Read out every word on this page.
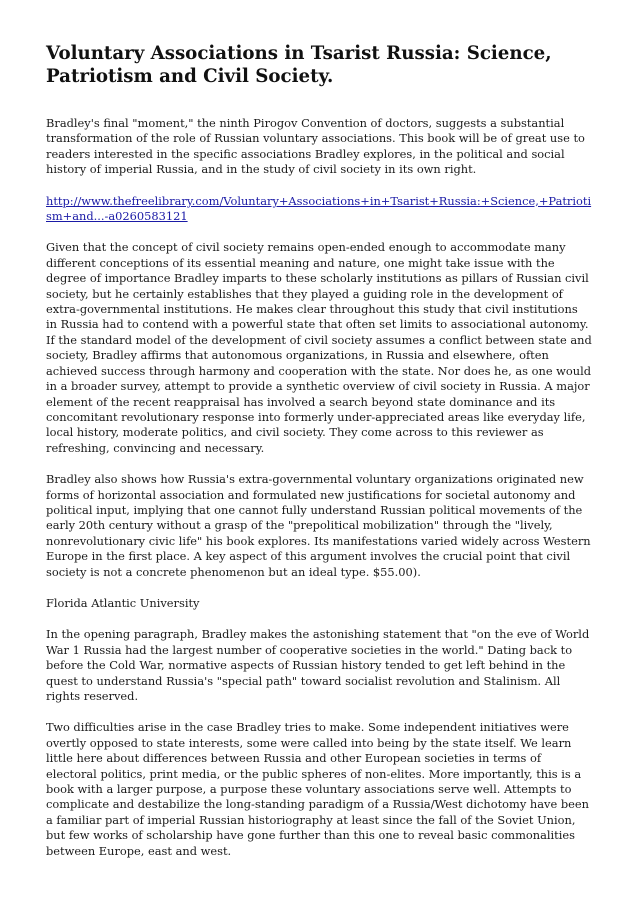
Voluntary Associations in Tsarist Russia: Science, Patriotism and Civil Society.

Bradley's final "moment," the ninth Pirogov Convention of doctors, suggests a substantial transformation of the role of Russian voluntary associations. This book will be of great use to readers interested in the specific associations Bradley explores, in the political and social history of imperial Russia, and in the study of civil society in its own right.

http://www.thefreelibrary.com/Voluntary+Associations+in+Tsarist+Russia:+Science,+Patriotism+and...-a0260583121

Given that the concept of civil society remains open-ended enough to accommodate many different conceptions of its essential meaning and nature, one might take issue with the degree of importance Bradley imparts to these scholarly institutions as pillars of Russian civil society, but he certainly establishes that they played a guiding role in the development of extra-governmental institutions. He makes clear throughout this study that civil institutions in Russia had to contend with a powerful state that often set limits to associational autonomy. If the standard model of the development of civil society assumes a conflict between state and society, Bradley affirms that autonomous organizations, in Russia and elsewhere, often achieved success through harmony and cooperation with the state. Nor does he, as one would in a broader survey, attempt to provide a synthetic overview of civil society in Russia. A major element of the recent reappraisal has involved a search beyond state dominance and its concomitant revolutionary response into formerly under-appreciated areas like everyday life, local history, moderate politics, and civil society. They come across to this reviewer as refreshing, convincing and necessary.

Bradley also shows how Russia's extra-governmental voluntary organizations originated new forms of horizontal association and formulated new justifications for societal autonomy and political input, implying that one cannot fully understand Russian political movements of the early 20th century without a grasp of the "prepolitical mobilization" through the "lively, nonrevolutionary civic life" his book explores. Its manifestations varied widely across Western Europe in the first place. A key aspect of this argument involves the crucial point that civil society is not a concrete phenomenon but an ideal type. $55.00).

Florida Atlantic University

In the opening paragraph, Bradley makes the astonishing statement that "on the eve of World War 1 Russia had the largest number of cooperative societies in the world." Dating back to before the Cold War, normative aspects of Russian history tended to get left behind in the quest to understand Russia's "special path" toward socialist revolution and Stalinism. All rights reserved.

Two difficulties arise in the case Bradley tries to make. Some independent initiatives were overtly opposed to state interests, some were called into being by the state itself. We learn little here about differences between Russia and other European societies in terms of electoral politics, print media, or the public spheres of non-elites. More importantly, this is a book with a larger purpose, a purpose these voluntary associations serve well. Attempts to complicate and destabilize the long-standing paradigm of a Russia/West dichotomy have been a familiar part of imperial Russian historiography at least since the fall of the Soviet Union, but few works of scholarship have gone further than this one to reveal basic commonalities between Europe, east and west.
